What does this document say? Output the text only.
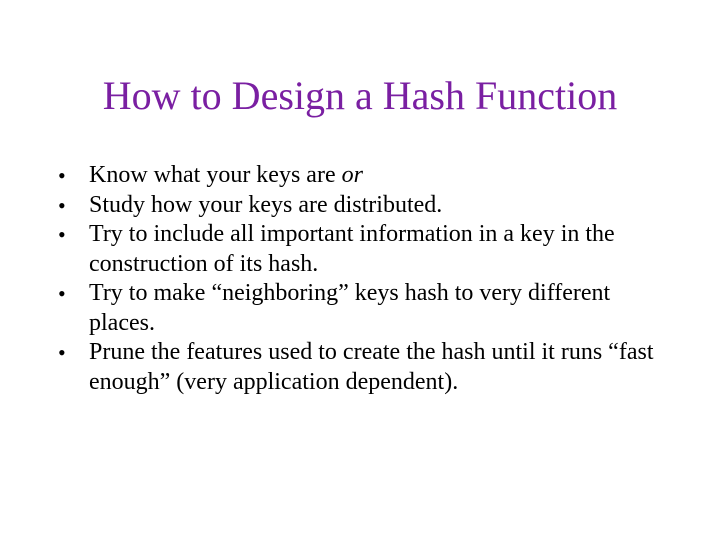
How to Design a Hash Function
• Know what your keys are or
• Study how your keys are distributed.
• Try to include all important information in a key in the construction of its hash.
• Try to make “neighboring” keys hash to very different places.
• Prune the features used to create the hash until it runs “fast enough” (very application dependent).
